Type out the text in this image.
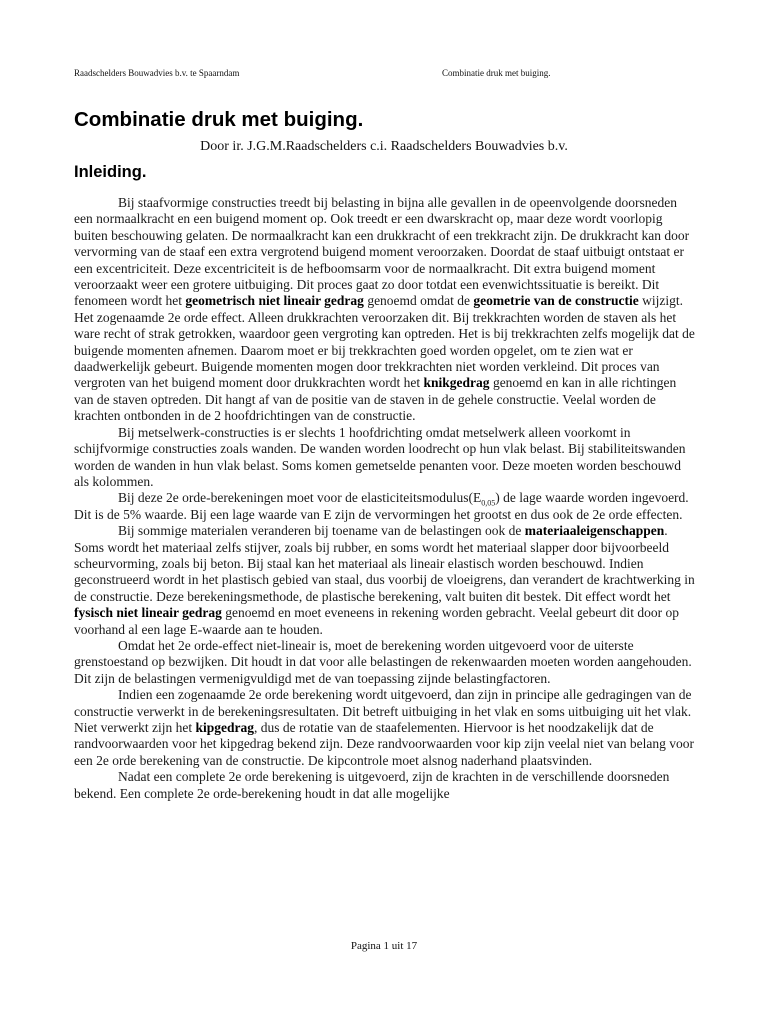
Raadschelders Bouwadvies b.v. te Spaarndam	Combinatie druk met buiging.
Combinatie druk met buiging.
Door ir. J.G.M.Raadschelders c.i. Raadschelders Bouwadvies b.v.
Inleiding.

Bij staafvormige constructies treedt bij belasting in bijna alle gevallen in de opeenvolgende doorsneden een normaalkracht en een buigend moment op. Ook treedt er een dwarskracht op, maar deze wordt voorlopig buiten beschouwing gelaten. De normaalkracht kan een drukkracht of een trekkracht zijn. De drukkracht kan door vervorming van de staaf een extra vergrotend buigend moment veroorzaken. Doordat de staaf uitbuigt ontstaat er een excentriciteit. Deze excentriciteit is de hefboomsarm voor de normaalkracht. Dit extra buigend moment veroorzaakt weer een grotere uitbuiging. Dit proces gaat zo door totdat een evenwichtssituatie is bereikt. Dit fenomeen wordt het geometrisch niet lineair gedrag genoemd omdat de geometrie van de constructie wijzigt. Het zogenaamde 2e orde effect. Alleen drukkrachten veroorzaken dit. Bij trekkrachten worden de staven als het ware recht of strak getrokken, waardoor geen vergroting kan optreden. Het is bij trekkrachten zelfs mogelijk dat de buigende momenten afnemen. Daarom moet er bij trekkrachten goed worden opgelet, om te zien wat er daadwerkelijk gebeurt. Buigende momenten mogen door trekkrachten niet worden verkleind. Dit proces van vergroten van het buigend moment door drukkrachten wordt het knikgedrag genoemd en kan in alle richtingen van de staven optreden. Dit hangt af van de positie van de staven in de gehele constructie. Veelal worden de krachten ontbonden in de 2 hoofdrichtingen van de constructie.

Bij metselwerk-constructies is er slechts 1 hoofdrichting omdat metselwerk alleen voorkomt in schijfvormige constructies zoals wanden. De wanden worden loodrecht op hun vlak belast. Bij stabiliteitswanden worden de wanden in hun vlak belast. Soms komen gemetselde penanten voor. Deze moeten worden beschouwd als kolommen.

Bij deze 2e orde-berekeningen moet voor de $elasticiteitsmodulus(E_{0,05})$ de lage waarde worden ingevoerd. Dit is de 5% waarde. Bij een lage waarde van E zijn de vervormingen het grootst en dus ook de 2e orde effecten.

Bij sommige materialen veranderen bij toename van de belastingen ook de materiaaleigenschappen. Soms wordt het materiaal zelfs stijver, zoals bij rubber, en soms wordt het materiaal slapper door bijvoorbeeld scheurvorming, zoals bij beton. Bij staal kan het materiaal als lineair elastisch worden beschouwd. Indien geconstrueerd wordt in het plastisch gebied van staal, dus voorbij de vloeigrens, dan verandert de krachtwerking in de constructie. Deze berekeningsmethode, de plastische berekening, valt buiten dit bestek. Dit effect wordt het fysisch niet lineair gedrag genoemd en moet eveneens in rekening worden gebracht. Veelal gebeurt dit door op voorhand al een lage E-waarde aan te houden.

Omdat het 2e orde-effect niet-lineair is, moet de berekening worden uitgevoerd voor de uiterste grenstoestand op bezwijken. Dit houdt in dat voor alle belastingen de rekenwaarden moeten worden aangehouden. Dit zijn de belastingen vermenigvuldigd met de van toepassing zijnde belastingfactoren.

Indien een zogenaamde 2e orde berekening wordt uitgevoerd, dan zijn in principe alle gedragingen van de constructie verwerkt in de berekeningsresultaten. Dit betreft uitbuiging in het vlak en soms uitbuiging uit het vlak. Niet verwerkt zijn het kipgedrag, dus de rotatie van de staafelementen. Hiervoor is het noodzakelijk dat de randvoorwaarden voor het kipgedrag bekend zijn. Deze randvoorwaarden voor kip zijn veelal niet van belang voor een 2e orde berekening van de constructie. De kipcontrole moet alsnog naderhand plaatsvinden.

Nadat een complete 2e orde berekening is uitgevoerd, zijn de krachten in de verschillende doorsneden bekend. Een complete 2e orde-berekening houdt in dat alle mogelijke

Pagina 1 uit 17
